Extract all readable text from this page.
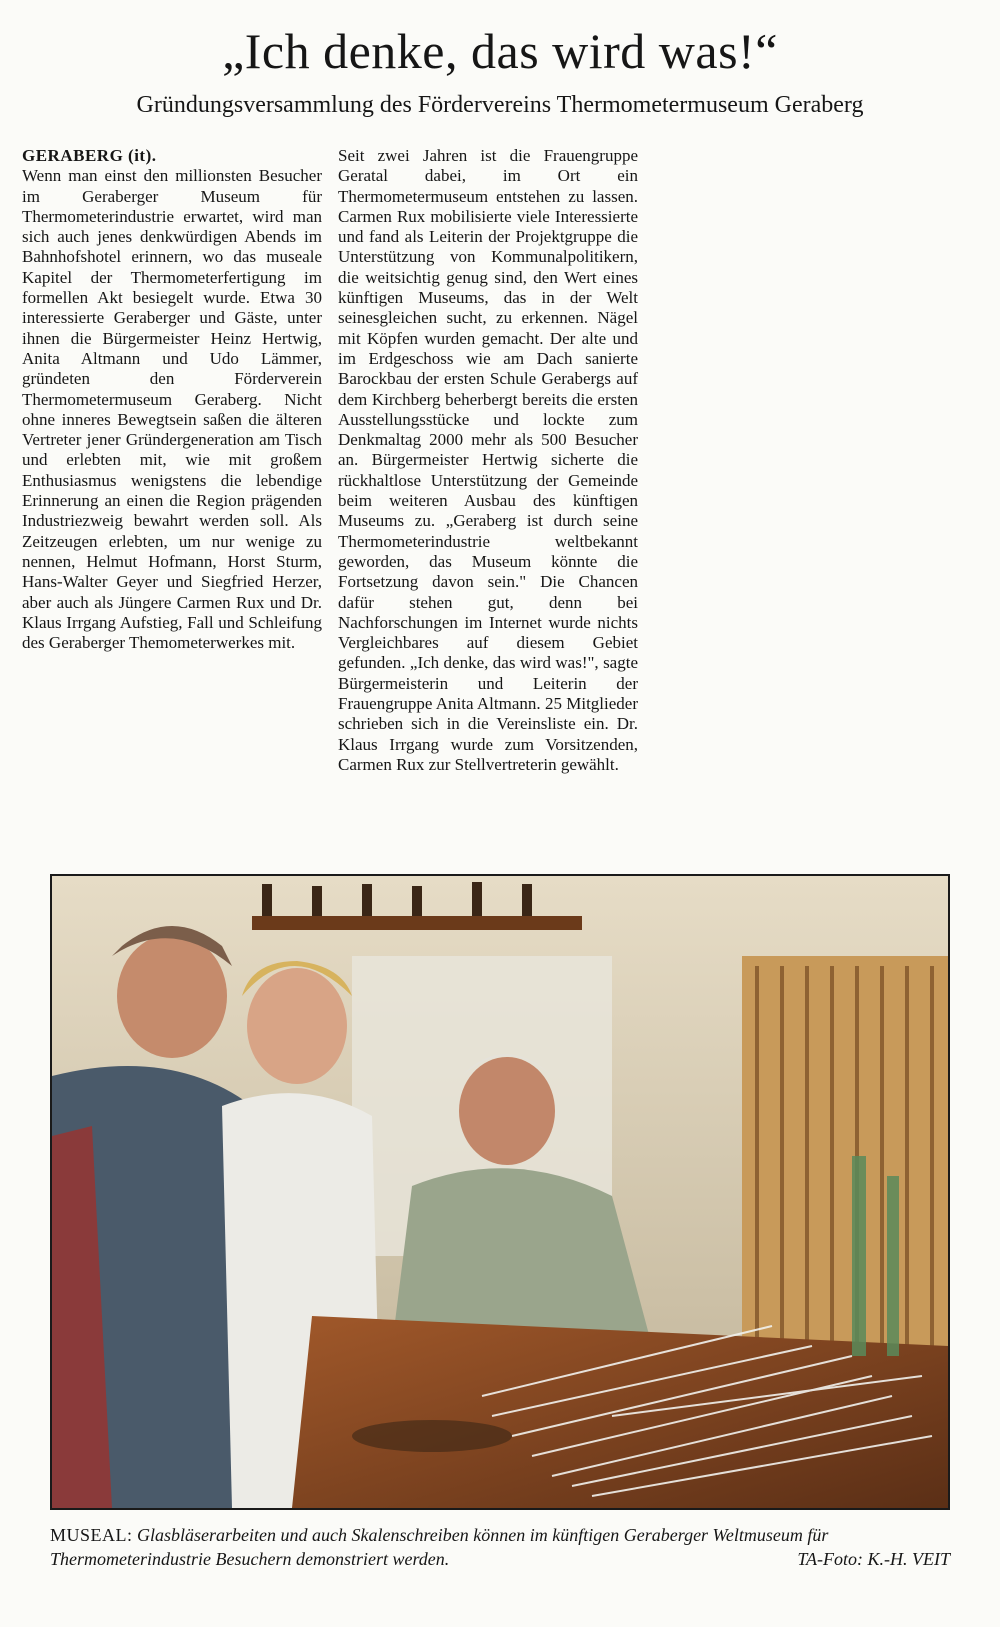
„Ich denke, das wird was!“
Gründungsversammlung des Fördervereins Thermometermuseum Geraberg

GERABERG (it).
Wenn man einst den millionsten Besucher im Geraberger Museum für Thermometerindustrie erwartet, wird man sich auch jenes denkwürdigen Abends im Bahnhofshotel erinnern, wo das museale Kapitel der Thermometerfertigung im formellen Akt besiegelt wurde. Etwa 30 interessierte Geraberger und Gäste, unter ihnen die Bürgermeister Heinz Hertwig, Anita Altmann und Udo Lämmer, gründeten den Förderverein Thermometermuseum Geraberg. Nicht ohne inneres Bewegtsein saßen die älteren Vertreter jener Gründergeneration am Tisch und erlebten mit, wie mit großem Enthusiasmus wenigstens die lebendige Erinnerung an einen die Region prägenden Industriezweig bewahrt werden soll. Als Zeitzeugen erlebten, um nur wenige zu nennen, Helmut Hofmann, Horst Sturm, Hans-Walter Geyer und Siegfried Herzer, aber auch als Jüngere Carmen Rux und Dr. Klaus Irrgang Aufstieg, Fall und Schleifung des Geraberger Themometerwerkes mit.

Seit zwei Jahren ist die Frauengruppe Geratal dabei, im Ort ein Thermometermuseum entstehen zu lassen. Carmen Rux mobilisierte viele Interessierte und fand als Leiterin der Projektgruppe die Unterstützung von Kommunalpolitikern, die weitsichtig genug sind, den Wert eines künftigen Museums, das in der Welt seinesgleichen sucht, zu erkennen. Nägel mit Köpfen wurden gemacht. Der alte und im Erdgeschoss wie am Dach sanierte Barockbau der ersten Schule Gerabergs auf dem Kirchberg beherbergt bereits die ersten Ausstellungsstücke und lockte zum Denkmaltag 2000 mehr als 500 Besucher an. Bürgermeister Hertwig sicherte die rückhaltlose Unterstützung der Gemeinde beim weiteren Ausbau des künftigen Museums zu. „Geraberg ist durch seine Thermometerindustrie weltbekannt geworden, das Museum könnte die Fortsetzung davon sein." Die Chancen dafür stehen gut, denn bei Nachforschungen im Internet wurde nichts Vergleichbares auf diesem Gebiet gefunden. „Ich denke, das wird was!", sagte Bürgermeisterin und Leiterin der Frauengruppe Anita Altmann. 25 Mitglieder schrieben sich in die Vereinsliste ein. Dr. Klaus Irrgang wurde zum Vorsitzenden, Carmen Rux zur Stellvertreterin gewählt.

MUSEAL: Glasbläserarbeiten und auch Skalenschreiben können im künftigen Geraberger Weltmuseum für Thermometerindustrie Besuchern demonstriert werden.	TA-Foto: K.-H. VEIT
